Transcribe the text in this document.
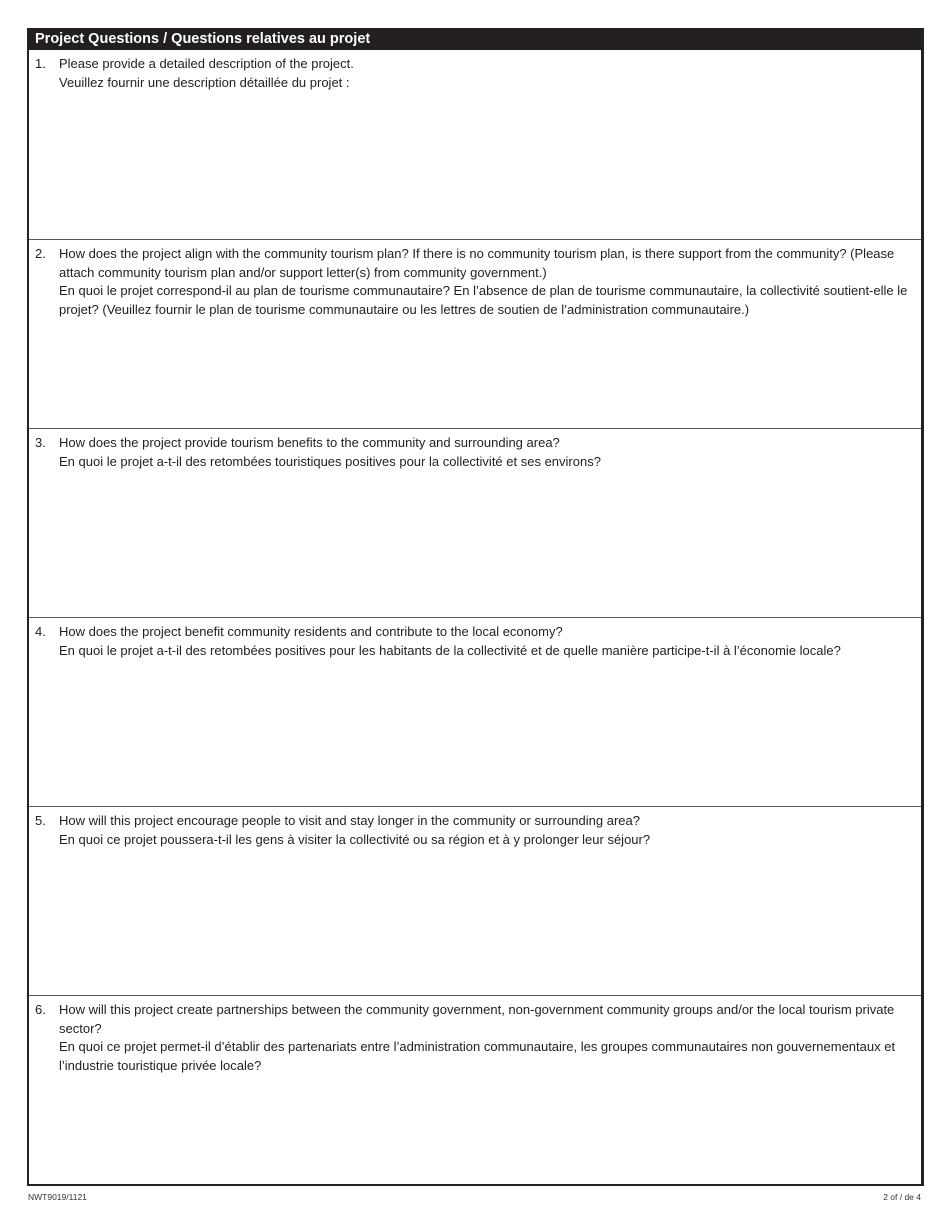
Project Questions / Questions relatives au projet
1. Please provide a detailed description of the project.
Veuillez fournir une description détaillée du projet :
2. How does the project align with the community tourism plan? If there is no community tourism plan, is there support from the community? (Please attach community tourism plan and/or support letter(s) from community government.)
En quoi le projet correspond-il au plan de tourisme communautaire? En l’absence de plan de tourisme communautaire, la collectivité soutient-elle le projet? (Veuillez fournir le plan de tourisme communautaire ou les lettres de soutien de l’administration communautaire.)
3. How does the project provide tourism benefits to the community and surrounding area?
En quoi le projet a-t-il des retombées touristiques positives pour la collectivité et ses environs?
4. How does the project benefit community residents and contribute to the local economy?
En quoi le projet a-t-il des retombées positives pour les habitants de la collectivité et de quelle manière participe-t-il à l’économie locale?
5. How will this project encourage people to visit and stay longer in the community or surrounding area?
En quoi ce projet poussera-t-il les gens à visiter la collectivité ou sa région et à y prolonger leur séjour?
6. How will this project create partnerships between the community government, non-government community groups and/or the local tourism private sector?
En quoi ce projet permet-il d’établir des partenariats entre l’administration communautaire, les groupes communautaires non gouvernementaux et l’industrie touristique privée locale?
NWT9019/1121	2 of / de 4
